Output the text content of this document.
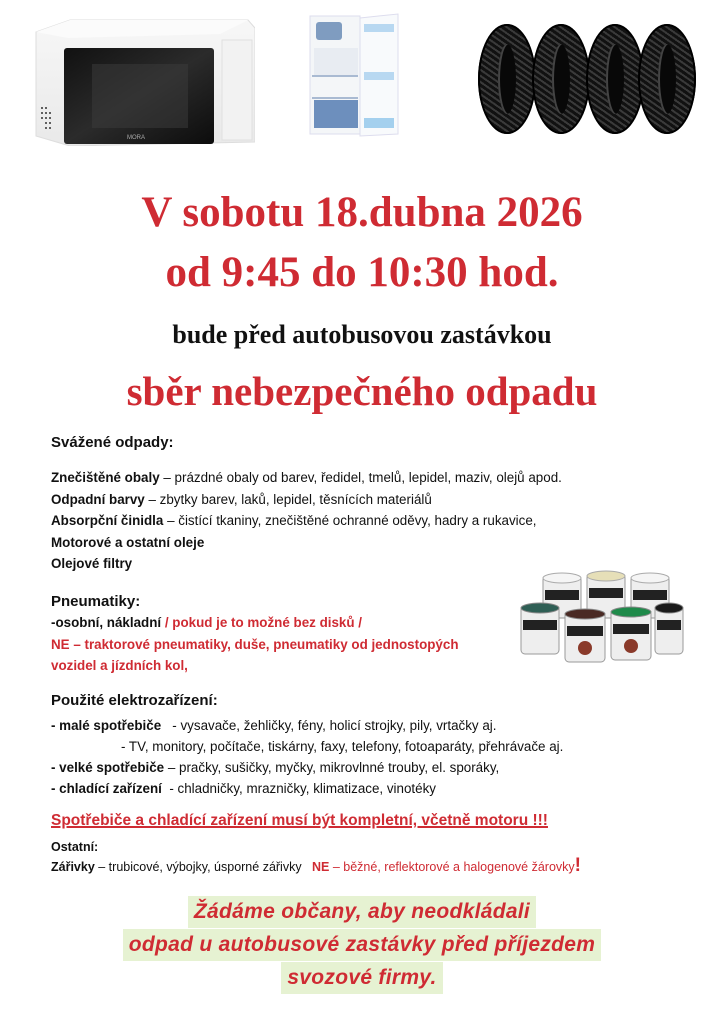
MORA
V sobotu 18.dubna 2026
od 9:45 do 10:30 hod.
bude před autobusovou zastávkou
sběr nebezpečného odpadu
Svážené odpady:
Znečištěné obaly – prázdné obaly od barev, ředidel, tmelů, lepidel, maziv, olejů apod.
Odpadní barvy – zbytky barev, laků, lepidel, těsnících materiálů
Absorpční činidla – čistící tkaniny, znečištěné ochranné oděvy, hadry a rukavice,
Motorové a ostatní oleje
Olejové filtry
Pneumatiky:
-osobní, nákladní / pokud je to možné bez disků /
NE – traktorové pneumatiky, duše, pneumatiky od jednostopých
vozidel a jízdních kol,
Použité elektrozařízení:
- malé spotřebiče   - vysavače, žehličky, fény, holicí strojky, pily, vrtačky aj.
- TV, monitory, počítače, tiskárny, faxy, telefony, fotoaparáty, přehrávače aj.
- velké spotřebiče – pračky, sušičky, myčky, mikrovlnné trouby, el. sporáky,
- chladící zařízení  - chladničky, mrazničky, klimatizace, vinotéky
Spotřebiče a chladící zařízení musí být kompletní, včetně motoru !!!
Ostatní:
Zářivky – trubicové, výbojky, úsporné zářivky   NE – běžné, reflektorové a halogenové žárovky!
Žádáme občany, aby neodkládali
odpad u autobusové zastávky před příjezdem
svozové firmy.
